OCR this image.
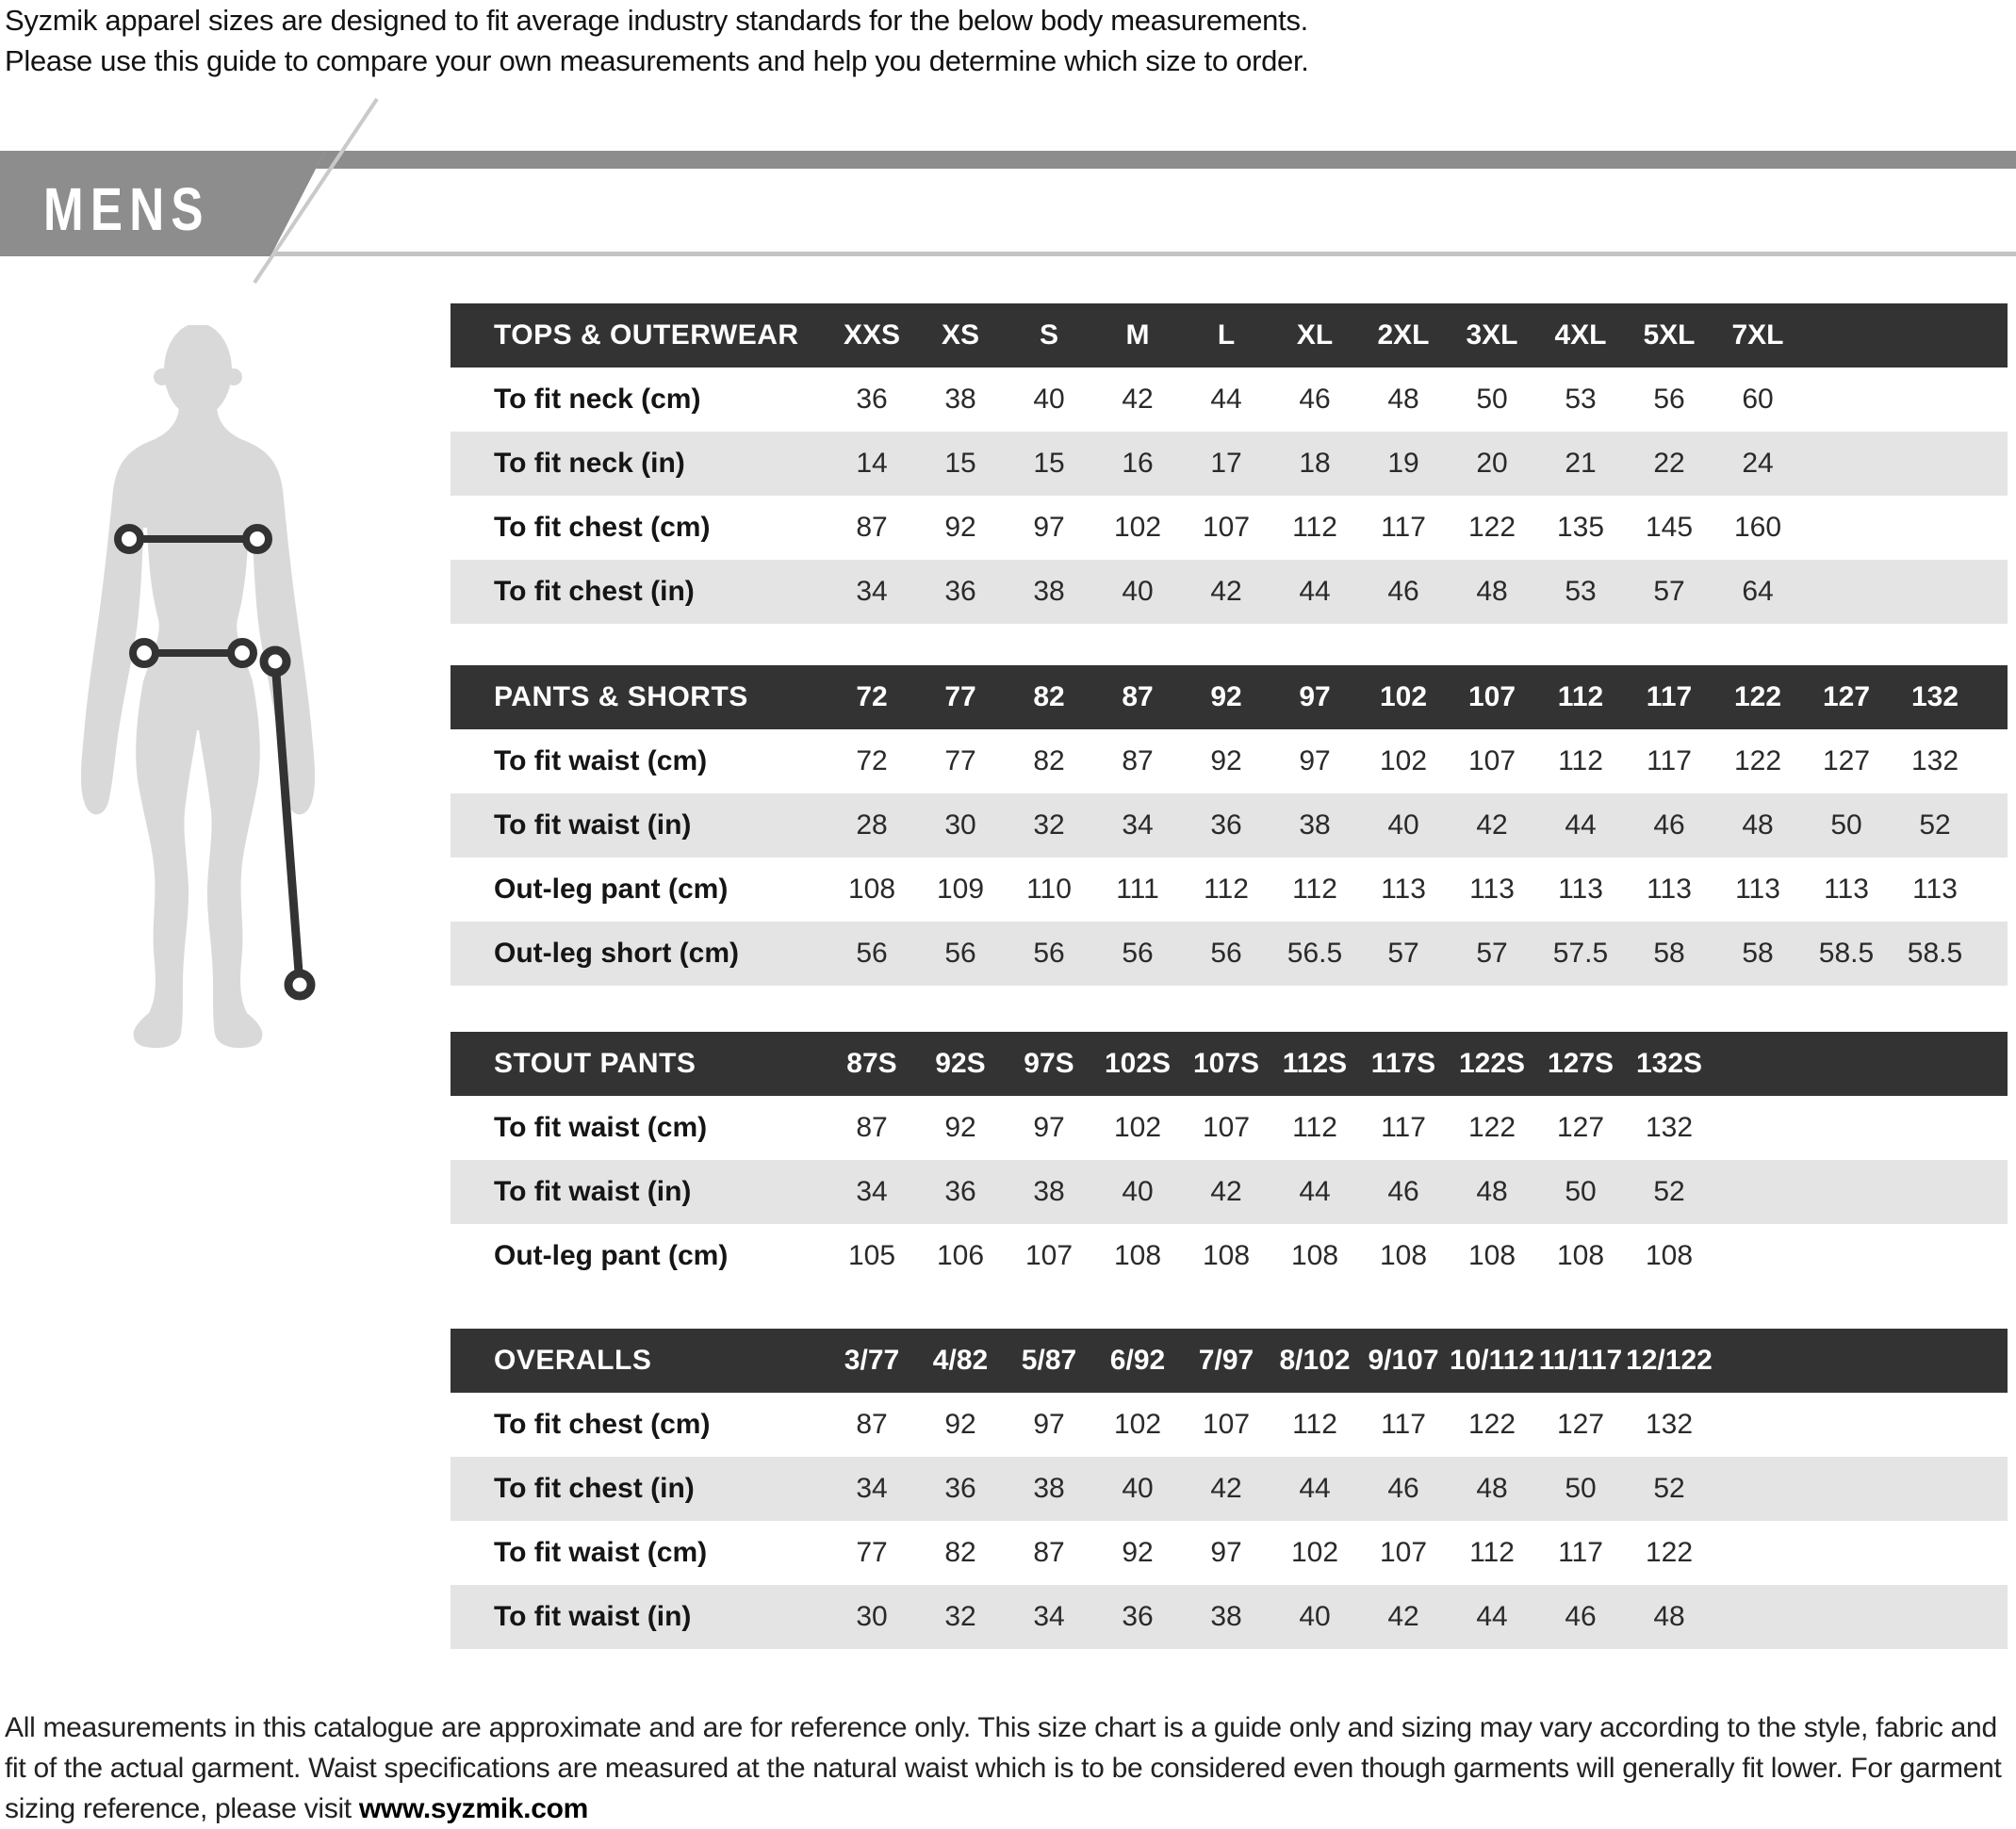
Syzmik apparel sizes are designed to fit average industry standards for the below body measurements.
Please use this guide to compare your own measurements and help you determine which size to order.

MENS
TOPS & OUTERWEAR	XXS	XS	S	M	L	XL	2XL	3XL	4XL	5XL	7XL
To fit neck (cm)	36	38	40	42	44	46	48	50	53	56	60
To fit neck (in)	14	15	15	16	17	18	19	20	21	22	24
To fit chest (cm)	87	92	97	102	107	112	117	122	135	145	160
To fit chest (in)	34	36	38	40	42	44	46	48	53	57	64
PANTS & SHORTS	72	77	82	87	92	97	102	107	112	117	122	127	132
To fit waist (cm)	72	77	82	87	92	97	102	107	112	117	122	127	132
To fit waist (in)	28	30	32	34	36	38	40	42	44	46	48	50	52
Out-leg pant (cm)	108	109	110	111	112	112	113	113	113	113	113	113	113
Out-leg short (cm)	56	56	56	56	56	56.5	57	57	57.5	58	58	58.5	58.5
STOUT PANTS	87S	92S	97S	102S 107S 112S 117S 122S 127S 132S
To fit waist (cm)	87	92	97	102	107	112	117	122	127	132
To fit waist (in)	34	36	38	40	42	44	46	48	50	52
Out-leg pant (cm)	105	106	107	108	108	108	108	108	108	108
OVERALLS	3/77	4/82	5/87	6/92	7/97 8/102 9/107 10/112 11/117 12/122
To fit chest (cm)	87	92	97	102	107	112	117	122	127	132
To fit chest (in)	34	36	38	40	42	44	46	48	50	52
To fit waist (cm)	77	82	87	92	97	102	107	112	117	122
To fit waist (in)	30	32	34	36	38	40	42	44	46	48

All measurements in this catalogue are approximate and are for reference only. This size chart is a guide only and sizing may vary according to the style, fabric and fit of the actual garment. Waist specifications are measured at the natural waist which is to be considered even though garments will generally fit lower. For garment sizing reference, please visit www.syzmik.com
